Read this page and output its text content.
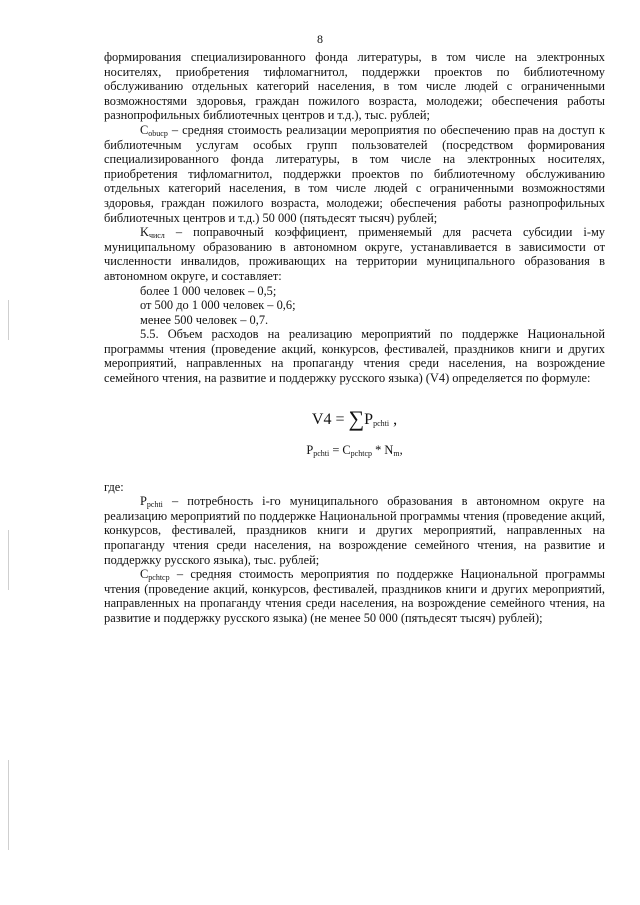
8

формирования специализированного фонда литературы, в том числе на электронных носителях, приобретения тифломагнитол, поддержки проектов по библиотечному обслуживанию отдельных категорий населения, в том числе людей с ограниченными возможностями здоровья, граждан пожилого возраста, молодежи; обеспечения работы разнопрофильных библиотечных центров и т.д.), тыс. рублей;

$C_{obucp}$ – средняя стоимость реализации мероприятия по обеспечению прав на доступ к библиотечным услугам особых групп пользователей (посредством формирования специализированного фонда литературы, в том числе на электронных носителях, приобретения тифломагнитол, поддержки проектов по библиотечному обслуживанию отдельных категорий населения, в том числе людей с ограниченными возможностями здоровья, граждан пожилого возраста, молодежи; обеспечения работы разнопрофильных библиотечных центров и т.д.) 50 000 (пятьдесят тысяч) рублей;

$K_{числ}$ – поправочный коэффициент, применяемый для расчета субсидии i-му муниципальному образованию в автономном округе, устанавливается в зависимости от численности инвалидов, проживающих на территории муниципального образования в автономном округе, и составляет:

более 1 000 человек – 0,5;

от 500 до 1 000 человек – 0,6;

менее 500 человек – 0,7.

5.5. Объем расходов на реализацию мероприятий по поддержке Национальной программы чтения (проведение акций, конкурсов, фестивалей, праздников книги и других мероприятий, направленных на пропаганду чтения среди населения, на возрождение семейного чтения, на развитие и поддержку русского языка) (V4) определяется по формуле:

$V4 = \sum P_{pchti}$ ,
$P_{pchti} = C_{pchtcp} * N_m$,

где:

$P_{pchti}$ – потребность i-го муниципального образования в автономном округе на реализацию мероприятий по поддержке Национальной программы чтения (проведение акций, конкурсов, фестивалей, праздников книги и других мероприятий, направленных на пропаганду чтения среди населения, на возрождение семейного чтения, на развитие и поддержку русского языка), тыс. рублей;

$C_{pchtcp}$ – средняя стоимость мероприятия по поддержке Национальной программы чтения (проведение акций, конкурсов, фестивалей, праздников книги и других мероприятий, направленных на пропаганду чтения среди населения, на возрождение семейного чтения, на развитие и поддержку русского языка) (не менее 50 000 (пятьдесят тысяч) рублей);
